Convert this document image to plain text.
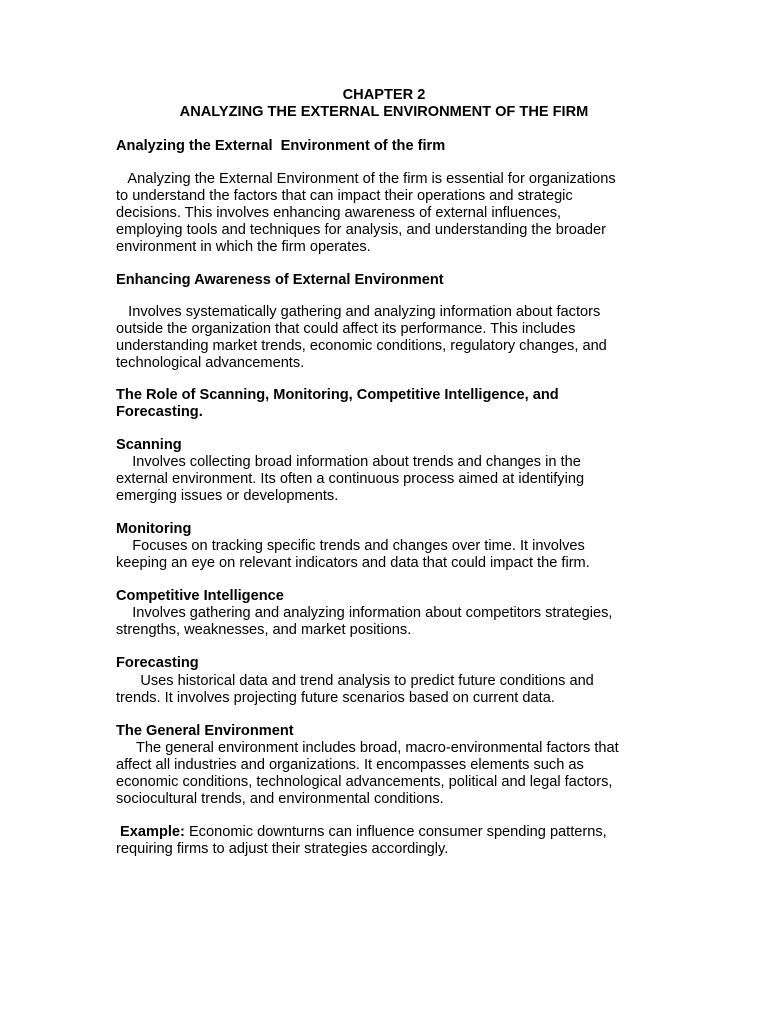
CHAPTER 2
ANALYZING THE EXTERNAL ENVIRONMENT OF THE FIRM
Analyzing the External  Environment of the firm
Analyzing the External Environment of the firm is essential for organizations
to understand the factors that can impact their operations and strategic
decisions. This involves enhancing awareness of external influences,
employing tools and techniques for analysis, and understanding the broader
environment in which the firm operates.
Enhancing Awareness of External Environment
Involves systematically gathering and analyzing information about factors
outside the organization that could affect its performance. This includes
understanding market trends, economic conditions, regulatory changes, and
technological advancements.
The Role of Scanning, Monitoring, Competitive Intelligence, and
Forecasting.
Scanning
Involves collecting broad information about trends and changes in the
external environment. Its often a continuous process aimed at identifying
emerging issues or developments.
Monitoring
Focuses on tracking specific trends and changes over time. It involves
keeping an eye on relevant indicators and data that could impact the firm.
Competitive Intelligence
Involves gathering and analyzing information about competitors strategies,
strengths, weaknesses, and market positions.
Forecasting
Uses historical data and trend analysis to predict future conditions and
trends. It involves projecting future scenarios based on current data.
The General Environment
The general environment includes broad, macro-environmental factors that
affect all industries and organizations. It encompasses elements such as
economic conditions, technological advancements, political and legal factors,
sociocultural trends, and environmental conditions.
Example: Economic downturns can influence consumer spending patterns,
requiring firms to adjust their strategies accordingly.
